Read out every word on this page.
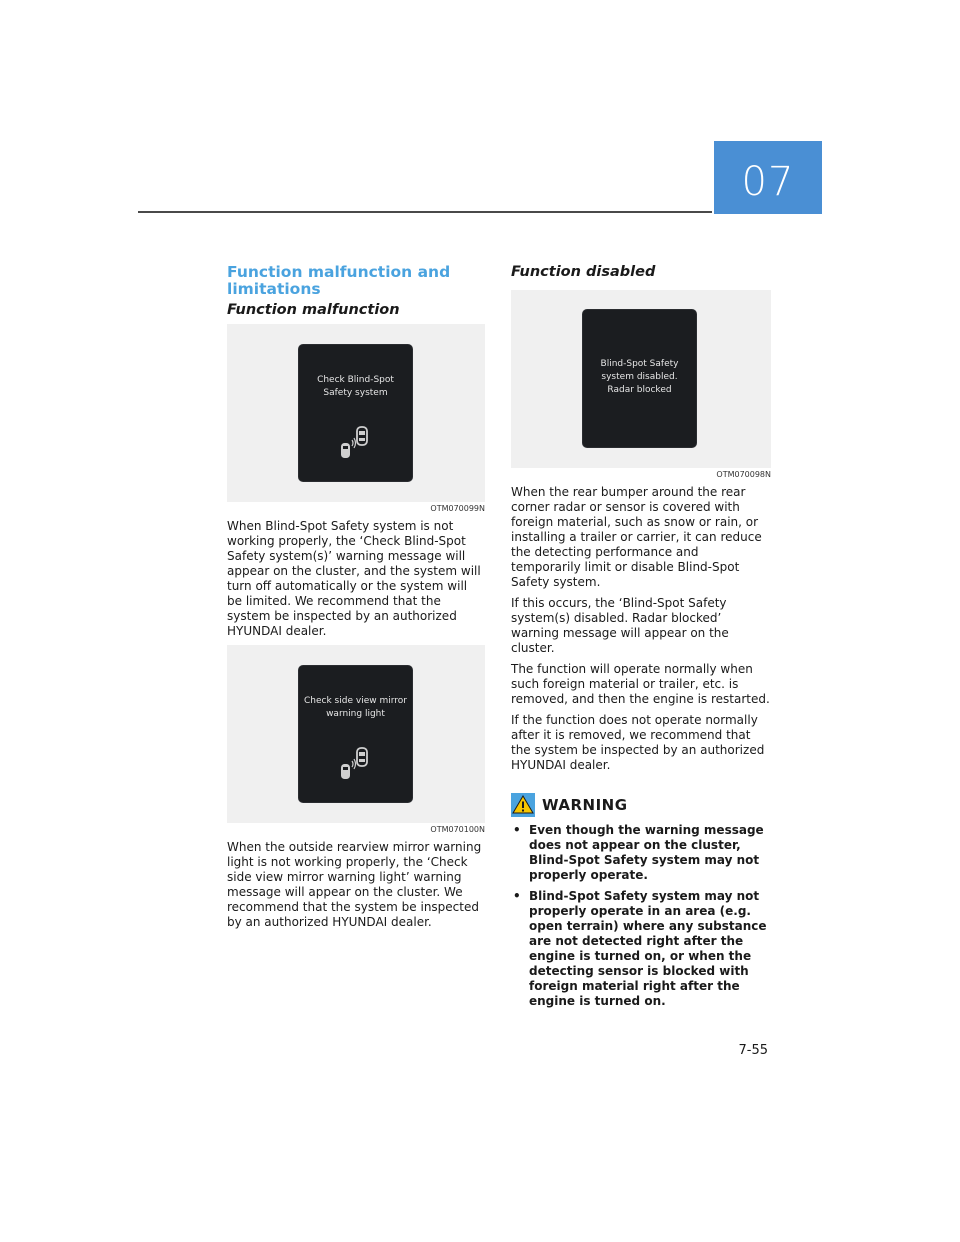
07
Function malfunction and limitations
Function malfunction
Check Blind-Spot
Safety system
OTM070099N

When Blind-Spot Safety system is not working properly, the ‘Check Blind-Spot Safety system(s)’ warning message will appear on the cluster, and the system will turn off automatically or the system will be limited. We recommend that the system be inspected by an authorized HYUNDAI dealer.

Check side view mirror
warning light
OTM070100N

When the outside rearview mirror warning light is not working properly, the ‘Check side view mirror warning light’ warning message will appear on the cluster. We recommend that the system be inspected by an authorized HYUNDAI dealer.

Function disabled
Blind-Spot Safety
system disabled.
Radar blocked
OTM070098N

When the rear bumper around the rear corner radar or sensor is covered with foreign material, such as snow or rain, or installing a trailer or carrier, it can reduce the detecting performance and temporarily limit or disable Blind-Spot Safety system.

If this occurs, the ‘Blind-Spot Safety system(s) disabled. Radar blocked’ warning message will appear on the cluster.

The function will operate normally when such foreign material or trailer, etc. is removed, and then the engine is restarted.

If the function does not operate normally after it is removed, we recommend that the system be inspected by an authorized HYUNDAI dealer.

WARNING
• Even though the warning message does not appear on the cluster, Blind-Spot Safety system may not properly operate.
• Blind-Spot Safety system may not properly operate in an area (e.g. open terrain) where any substance are not detected right after the engine is turned on, or when the detecting sensor is blocked with foreign material right after the engine is turned on.
7-55
